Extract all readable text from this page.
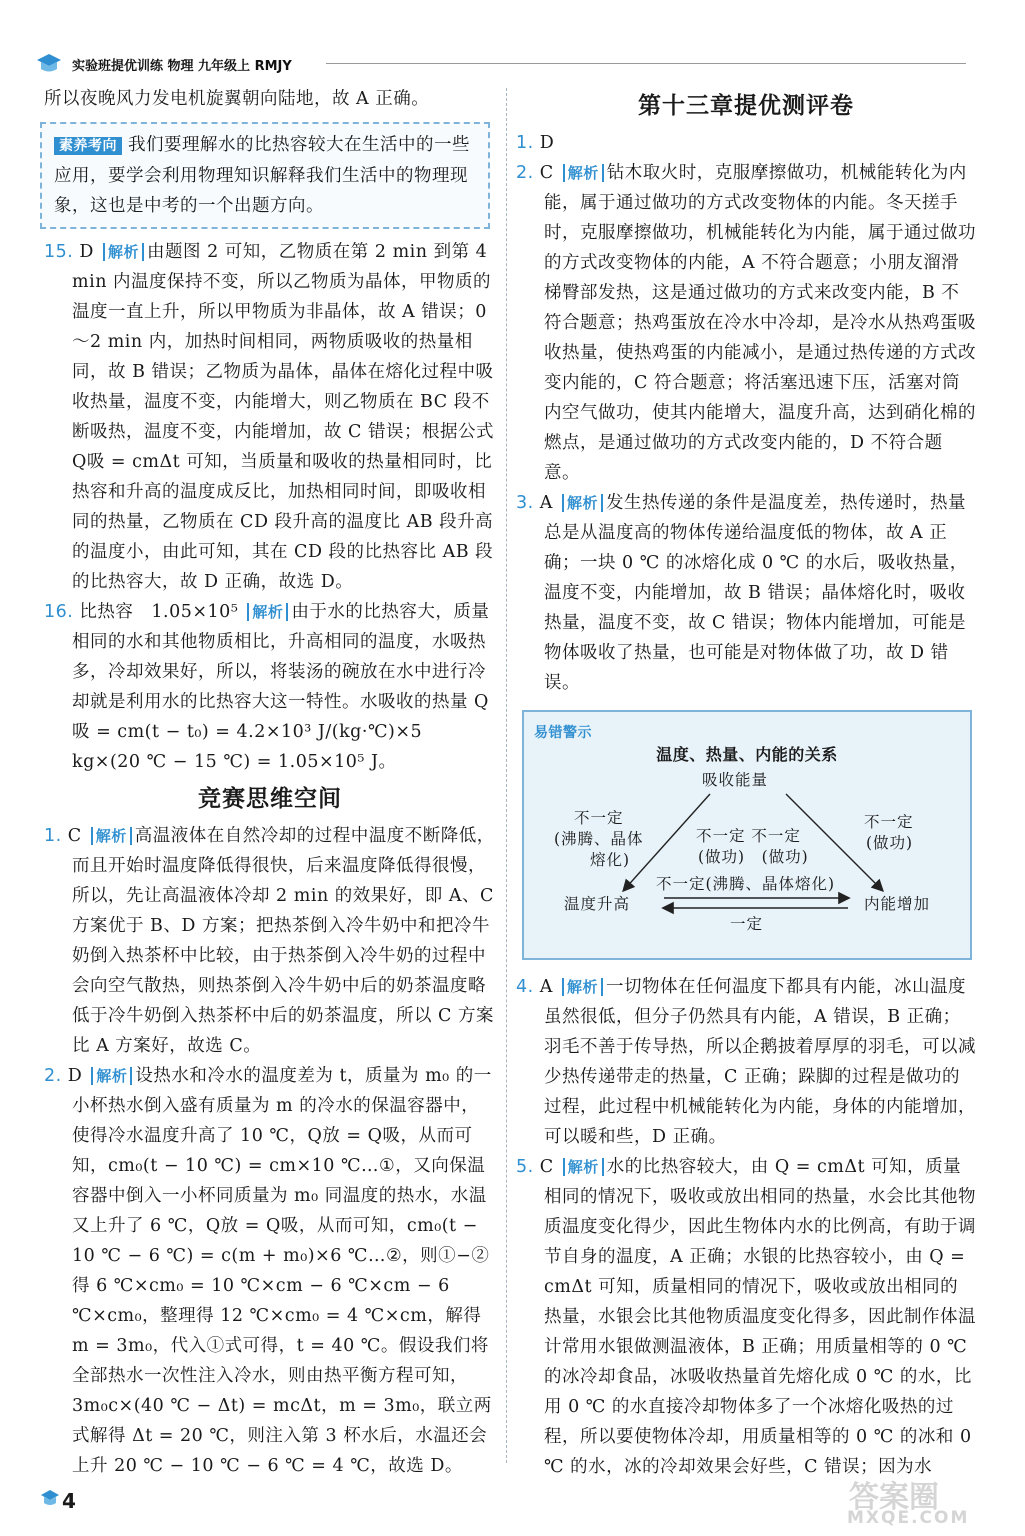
实验班提优训练 物理 九年级上 RMJY

所以夜晚风力发电机旋翼朝向陆地，故 A 正确。

素养考向 我们要理解水的比热容较大在生活中的一些应用，要学会利用物理知识解释我们生活中的物理现象，这也是中考的一个出题方向。

15. D 解析 由题图 2 可知，乙物质在第 2 min 到第 4 min 内温度保持不变，所以乙物质为晶体，甲物质的温度一直上升，所以甲物质为非晶体，故 A 错误；0～2 min 内，加热时间相同，两物质吸收的热量相同，故 B 错误；乙物质为晶体，晶体在熔化过程中吸收热量，温度不变，内能增大，则乙物质在 BC 段不断吸热，温度不变，内能增加，故 C 错误；根据公式 Q吸 = cmΔt 可知，当质量和吸收的热量相同时，比热容和升高的温度成反比，加热相同时间，即吸收相同的热量，乙物质在 CD 段升高的温度比 AB 段升高的温度小，由此可知，其在 CD 段的比热容比 AB 段的比热容大，故 D 正确，故选 D。

16. 比热容　1.05×10⁵ 解析 由于水的比热容大，质量相同的水和其他物质相比，升高相同的温度，水吸热多，冷却效果好，所以，将装汤的碗放在水中进行冷却就是利用水的比热容大这一特性。水吸收的热量 Q吸 = cm(t − t₀) = 4.2×10³ J/(kg·℃)×5 kg×(20 ℃ − 15 ℃) = 1.05×10⁵ J。

竞赛思维空间

1. C 解析 高温液体在自然冷却的过程中温度不断降低，而且开始时温度降低得很快，后来温度降低得很慢，所以，先让高温液体冷却 2 min 的效果好，即 A、C 方案优于 B、D 方案；把热茶倒入冷牛奶中和把冷牛奶倒入热茶杯中比较，由于热茶倒入冷牛奶的过程中会向空气散热，则热茶倒入冷牛奶中后的奶茶温度略低于冷牛奶倒入热茶杯中后的奶茶温度，所以 C 方案比 A 方案好，故选 C。

2. D 解析 设热水和冷水的温度差为 t，质量为 m₀ 的一小杯热水倒入盛有质量为 m 的冷水的保温容器中，使得冷水温度升高了 10 ℃，Q放 = Q吸，从而可知，cm₀(t − 10 ℃) = cm×10 ℃…①，又向保温容器中倒入一小杯同质量为 m₀ 同温度的热水，水温又上升了 6 ℃，Q放 = Q吸，从而可知，cm₀(t − 10 ℃ − 6 ℃) = c(m + m₀)×6 ℃…②，则①−②得 6 ℃×cm₀ = 10 ℃×cm − 6 ℃×cm − 6 ℃×cm₀，整理得 12 ℃×cm₀ = 4 ℃×cm，解得 m = 3m₀，代入①式可得，t = 40 ℃。假设我们将全部热水一次性注入冷水，则由热平衡方程可知，3m₀c×(40 ℃ − Δt) = mcΔt，m = 3m₀，联立两式解得 Δt = 20 ℃，则注入第 3 杯水后，水温还会上升 20 ℃ − 10 ℃ − 6 ℃ = 4 ℃，故选 D。

第十三章提优测评卷

1. D

2. C 解析 钻木取火时，克服摩擦做功，机械能转化为内能，属于通过做功的方式改变物体的内能。冬天搓手时，克服摩擦做功，机械能转化为内能，属于通过做功的方式改变物体的内能，A 不符合题意；小朋友溜滑梯臀部发热，这是通过做功的方式来改变内能，B 不符合题意；热鸡蛋放在冷水中冷却，是冷水从热鸡蛋吸收热量，使热鸡蛋的内能减小，是通过热传递的方式改变内能的，C 符合题意；将活塞迅速下压，活塞对筒内空气做功，使其内能增大，温度升高，达到硝化棉的燃点，是通过做功的方式改变内能的，D 不符合题意。

3. A 解析 发生热传递的条件是温度差，热传递时，热量总是从温度高的物体传递给温度低的物体，故 A 正确；一块 0 ℃ 的冰熔化成 0 ℃ 的水后，吸收热量，温度不变，内能增加，故 B 错误；晶体熔化时，吸收热量，温度不变，故 C 错误；物体内能增加，可能是物体吸收了热量，也可能是对物体做了功，故 D 错误。

易错警示
温度、热量、内能的关系
吸收能量
温度升高	内能增加
不一定
(沸腾、晶体
熔化)
不一定 不一定
(做功)　(做功)
不一定
(做功)
不一定(沸腾、晶体熔化)
一定

4. A 解析 一切物体在任何温度下都具有内能，冰山温度虽然很低，但分子仍然具有内能，A 错误，B 正确；羽毛不善于传导热，所以企鹅披着厚厚的羽毛，可以减少热传递带走的热量，C 正确；跺脚的过程是做功的过程，此过程中机械能转化为内能，身体的内能增加，可以暖和些，D 正确。

5. C 解析 水的比热容较大，由 Q = cmΔt 可知，质量相同的情况下，吸收或放出相同的热量，水会比其他物质温度变化得少，因此生物体内水的比例高，有助于调节自身的温度，A 正确；水银的比热容较小，由 Q = cmΔt 可知，质量相同的情况下，吸收或放出相同的热量，水银会比其他物质温度变化得多，因此制作体温计常用水银做测温液体，B 正确；用质量相等的 0 ℃ 的冰冷却食品，冰吸收热量首先熔化成 0 ℃ 的水，比用 0 ℃ 的水直接冷却物体多了一个冰熔化吸热的过程，所以要使物体冷却，用质量相等的 0 ℃ 的冰和 0 ℃ 的水，冰的冷却效果会好些，C 错误；因为水

4	答案圈
MXQE.COM
